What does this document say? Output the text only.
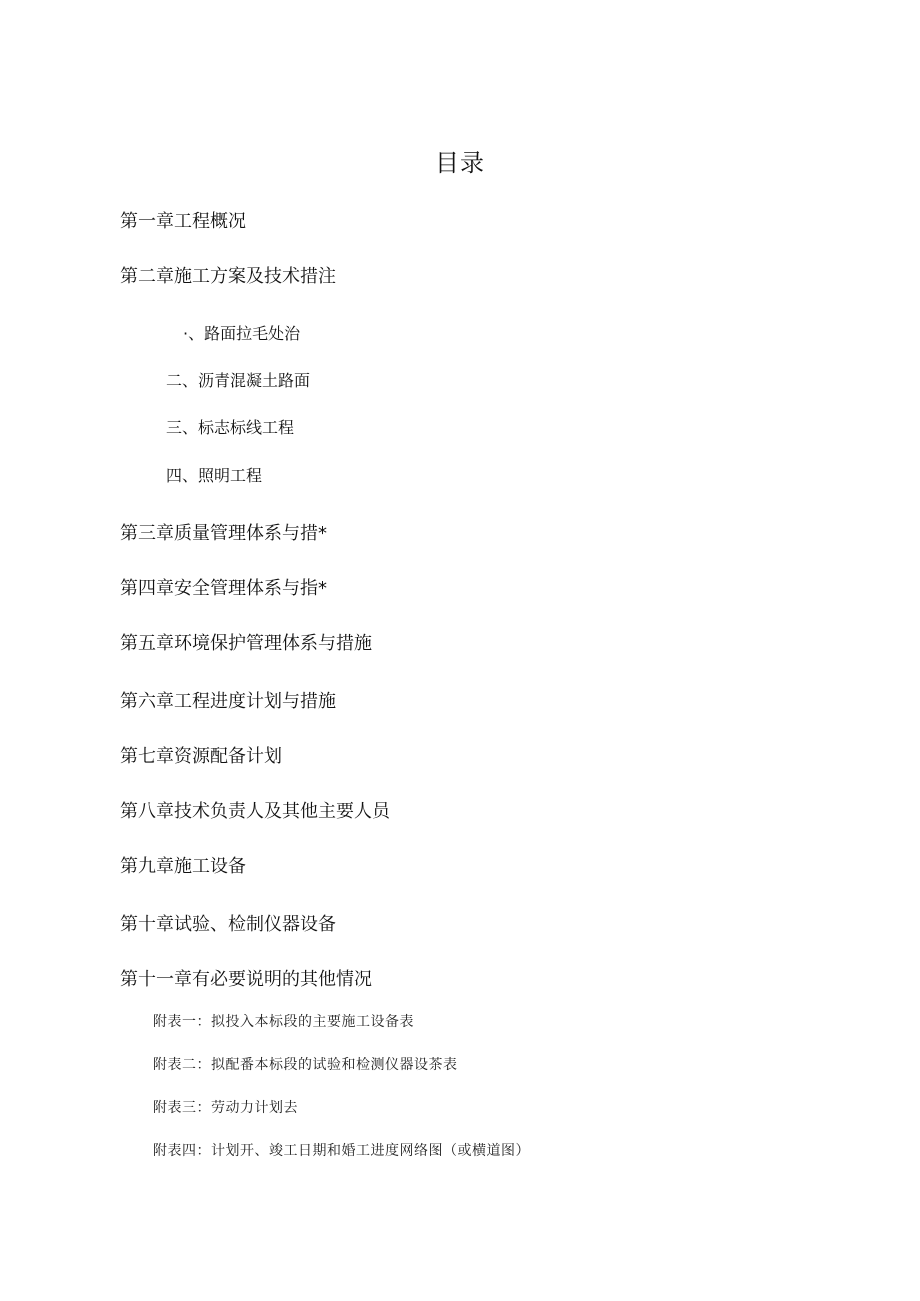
目录
第一章工程概况
第二章施工方案及技术措注
·、路面拉毛处治
二、沥青混凝土路面
三、标志标线工程
四、照明工程
第三章质量管理体系与措*
第四章安全管理体系与指*
第五章环境保护管理体系与措施
第六章工程进度计划与措施
第七章资源配备计划
第八章技术负责人及其他主要人员
第九章施工设备
第十章试验、检制仪器设备
第十一章有必要说明的其他情况
附表一：拟投入本标段的主要施工设备表
附表二：拟配番本标段的试验和检测仪器设茶表
附表三：劳动力计划去
附表四：计划开、竣工日期和婚工进度网络图（或横道图）
